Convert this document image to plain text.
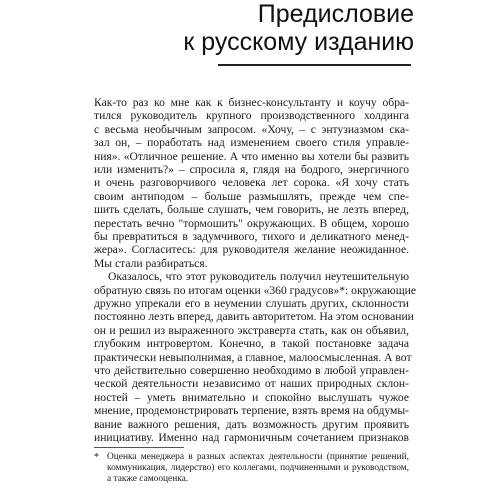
Предисловие
к русскому изданию

Как-то раз ко мне как к бизнес-консультанту и коучу обра-

тился руководитель крупного производственного холдинга

с весьма необычным запросом. «Хочу, – с энтузиазмом ска-

зал он, – поработать над изменением своего стиля управле-

ния». «Отличное решение. А что именно вы хотели бы развить

или изменить?» – спросила я, глядя на бодрого, энергичного

и очень разговорчивого человека лет сорока. «Я хочу стать

своим антиподом – больше размышлять, прежде чем спе-

шить сделать, больше слушать, чем говорить, не лезть вперед,

перестать вечно "тормошить" окружающих. В общем, хорошо

бы превратиться в задумчивого, тихого и деликатного менед-

жера». Согласитесь: для руководителя желание неожиданное.

Мы стали разбираться.

Оказалось, что этот руководитель получил неутешительную

обратную связь по итогам оценки «360 градусов»*: окружающие

дружно упрекали его в неумении слушать других, склонности

постоянно лезть вперед, давить авторитетом. На этом основании

он и решил из выраженного экстраверта стать, как он объявил,

глубоким интровертом. Конечно, в такой постановке задача

практически невыполнимая, а главное, малоосмысленная. А вот

что действительно совершенно необходимо в любой управлен-

ческой деятельности независимо от наших природных склон-

ностей – уметь внимательно и спокойно выслушать чужое

мнение, продемонстрировать терпение, взять время на обдумы-

вание важного решения, дать возможность другим проявить

инициативу. Именно над гармоничным сочетанием признаков

* Оценка менеджера в разных аспектах деятельности (принятие решений,

коммуникация, лидерство) его коллегами, подчиненными и руководством,

а также самооценка.
